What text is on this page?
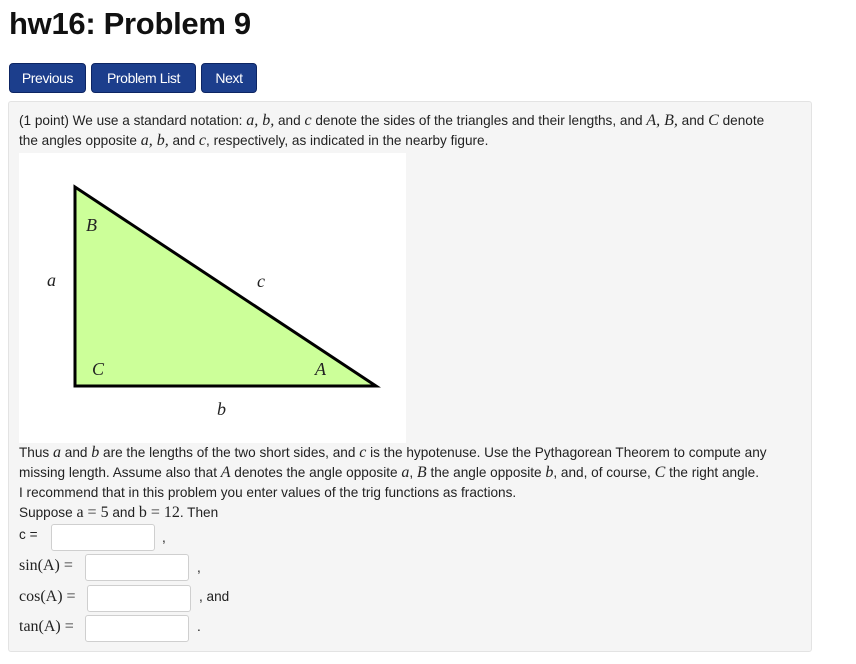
hw16: Problem 9
Previous	Problem List	Next
(1 point) We use a standard notation: a, b, and c denote the sides of the triangles and their lengths, and A, B, and C denote
the angles opposite a, b, and c, respectively, as indicated in the nearby figure.
B
a	c
C	A
b
Thus a and b are the lengths of the two short sides, and c is the hypotenuse. Use the Pythagorean Theorem to compute any
missing length. Assume also that A denotes the angle opposite a, B the angle opposite b, and, of course, C the right angle.
I recommend that in this problem you enter values of the trig functions as fractions.
Suppose a = 5 and b = 12. Then
c =	,
sin(A) =	,
cos(A) =	, and
tan(A) =	.
